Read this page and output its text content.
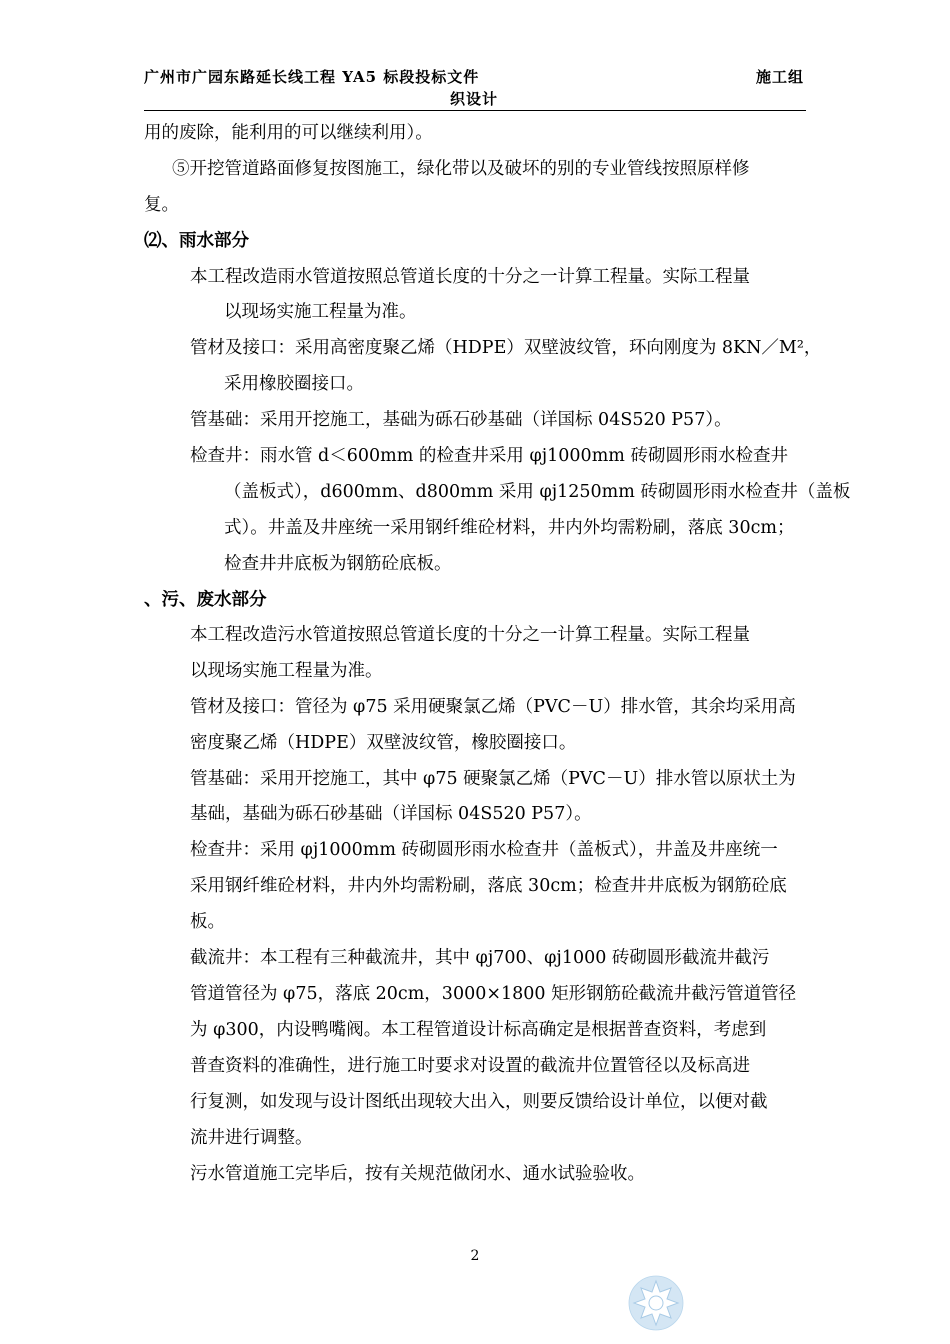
广州市广园东路延长线工程 YA5 标段投标文件	施工组
织设计
用的废除，能利用的可以继续利用）。
⑤开挖管道路面修复按图施工，绿化带以及破坏的别的专业管线按照原样修
复。
⑵、雨水部分
本工程改造雨水管道按照总管道长度的十分之一计算工程量。实际工程量
以现场实施工程量为准。
管材及接口：采用高密度聚乙烯（HDPE）双壁波纹管，环向刚度为 8KN／M²，
采用橡胶圈接口。
管基础：采用开挖施工，基础为砾石砂基础（详国标 04S520 P57）。
检查井：雨水管 d＜600mm 的检查井采用 φj1000mm 砖砌圆形雨水检查井
（盖板式），d600mm、d800mm 采用 φj1250mm 砖砌圆形雨水检查井（盖板
式）。井盖及井座统一采用钢纤维砼材料，井内外均需粉刷，落底 30cm；
检查井井底板为钢筋砼底板。
、污、废水部分
本工程改造污水管道按照总管道长度的十分之一计算工程量。实际工程量
以现场实施工程量为准。
管材及接口：管径为 φ75 采用硬聚氯乙烯（PVC－U）排水管，其余均采用高
密度聚乙烯（HDPE）双壁波纹管，橡胶圈接口。
管基础：采用开挖施工，其中 φ75 硬聚氯乙烯（PVC－U）排水管以原状土为
基础，基础为砾石砂基础（详国标 04S520 P57）。
检查井：采用 φj1000mm 砖砌圆形雨水检查井（盖板式），井盖及井座统一
采用钢纤维砼材料，井内外均需粉刷，落底 30cm；检查井井底板为钢筋砼底
板。
截流井：本工程有三种截流井，其中 φj700、φj1000 砖砌圆形截流井截污
管道管径为 φ75，落底 20cm，3000×1800 矩形钢筋砼截流井截污管道管径
为 φ300，内设鸭嘴阀。本工程管道设计标高确定是根据普查资料，考虑到
普查资料的准确性，进行施工时要求对设置的截流井位置管径以及标高进
行复测，如发现与设计图纸出现较大出入，则要反馈给设计单位，以便对截
流井进行调整。
污水管道施工完毕后，按有关规范做闭水、通水试验验收。
2
